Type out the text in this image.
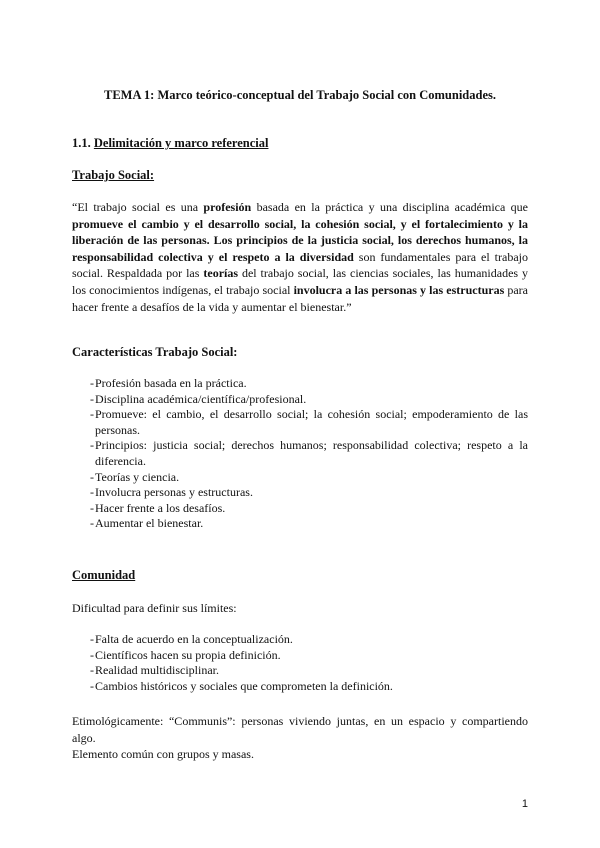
TEMA 1: Marco teórico-conceptual del Trabajo Social con Comunidades.
1.1. Delimitación y marco referencial
Trabajo Social:

“El trabajo social es una profesión basada en la práctica y una disciplina académica que promueve el cambio y el desarrollo social, la cohesión social, y el fortalecimiento y la liberación de las personas. Los principios de la justicia social, los derechos humanos, la responsabilidad colectiva y el respeto a la diversidad son fundamentales para el trabajo social. Respaldada por las teorías del trabajo social, las ciencias sociales, las humanidades y los conocimientos indígenas, el trabajo social involucra a las personas y las estructuras para hacer frente a desafíos de la vida y aumentar el bienestar.”

Características Trabajo Social:
- Profesión basada en la práctica.
- Disciplina académica/científica/profesional.
- Promueve: el cambio, el desarrollo social; la cohesión social; empoderamiento de las personas.
- Principios: justicia social; derechos humanos; responsabilidad colectiva; respeto a la diferencia.
- Teorías y ciencia.
- Involucra personas y estructuras.
- Hacer frente a los desafíos.
- Aumentar el bienestar.
Comunidad

Dificultad para definir sus límites:

- Falta de acuerdo en la conceptualización.
- Científicos hacen su propia definición.
- Realidad multidisciplinar.
- Cambios históricos y sociales que comprometen la definición.

Etimológicamente: “Communis”: personas viviendo juntas, en un espacio y compartiendo algo.

Elemento común con grupos y masas.

1
